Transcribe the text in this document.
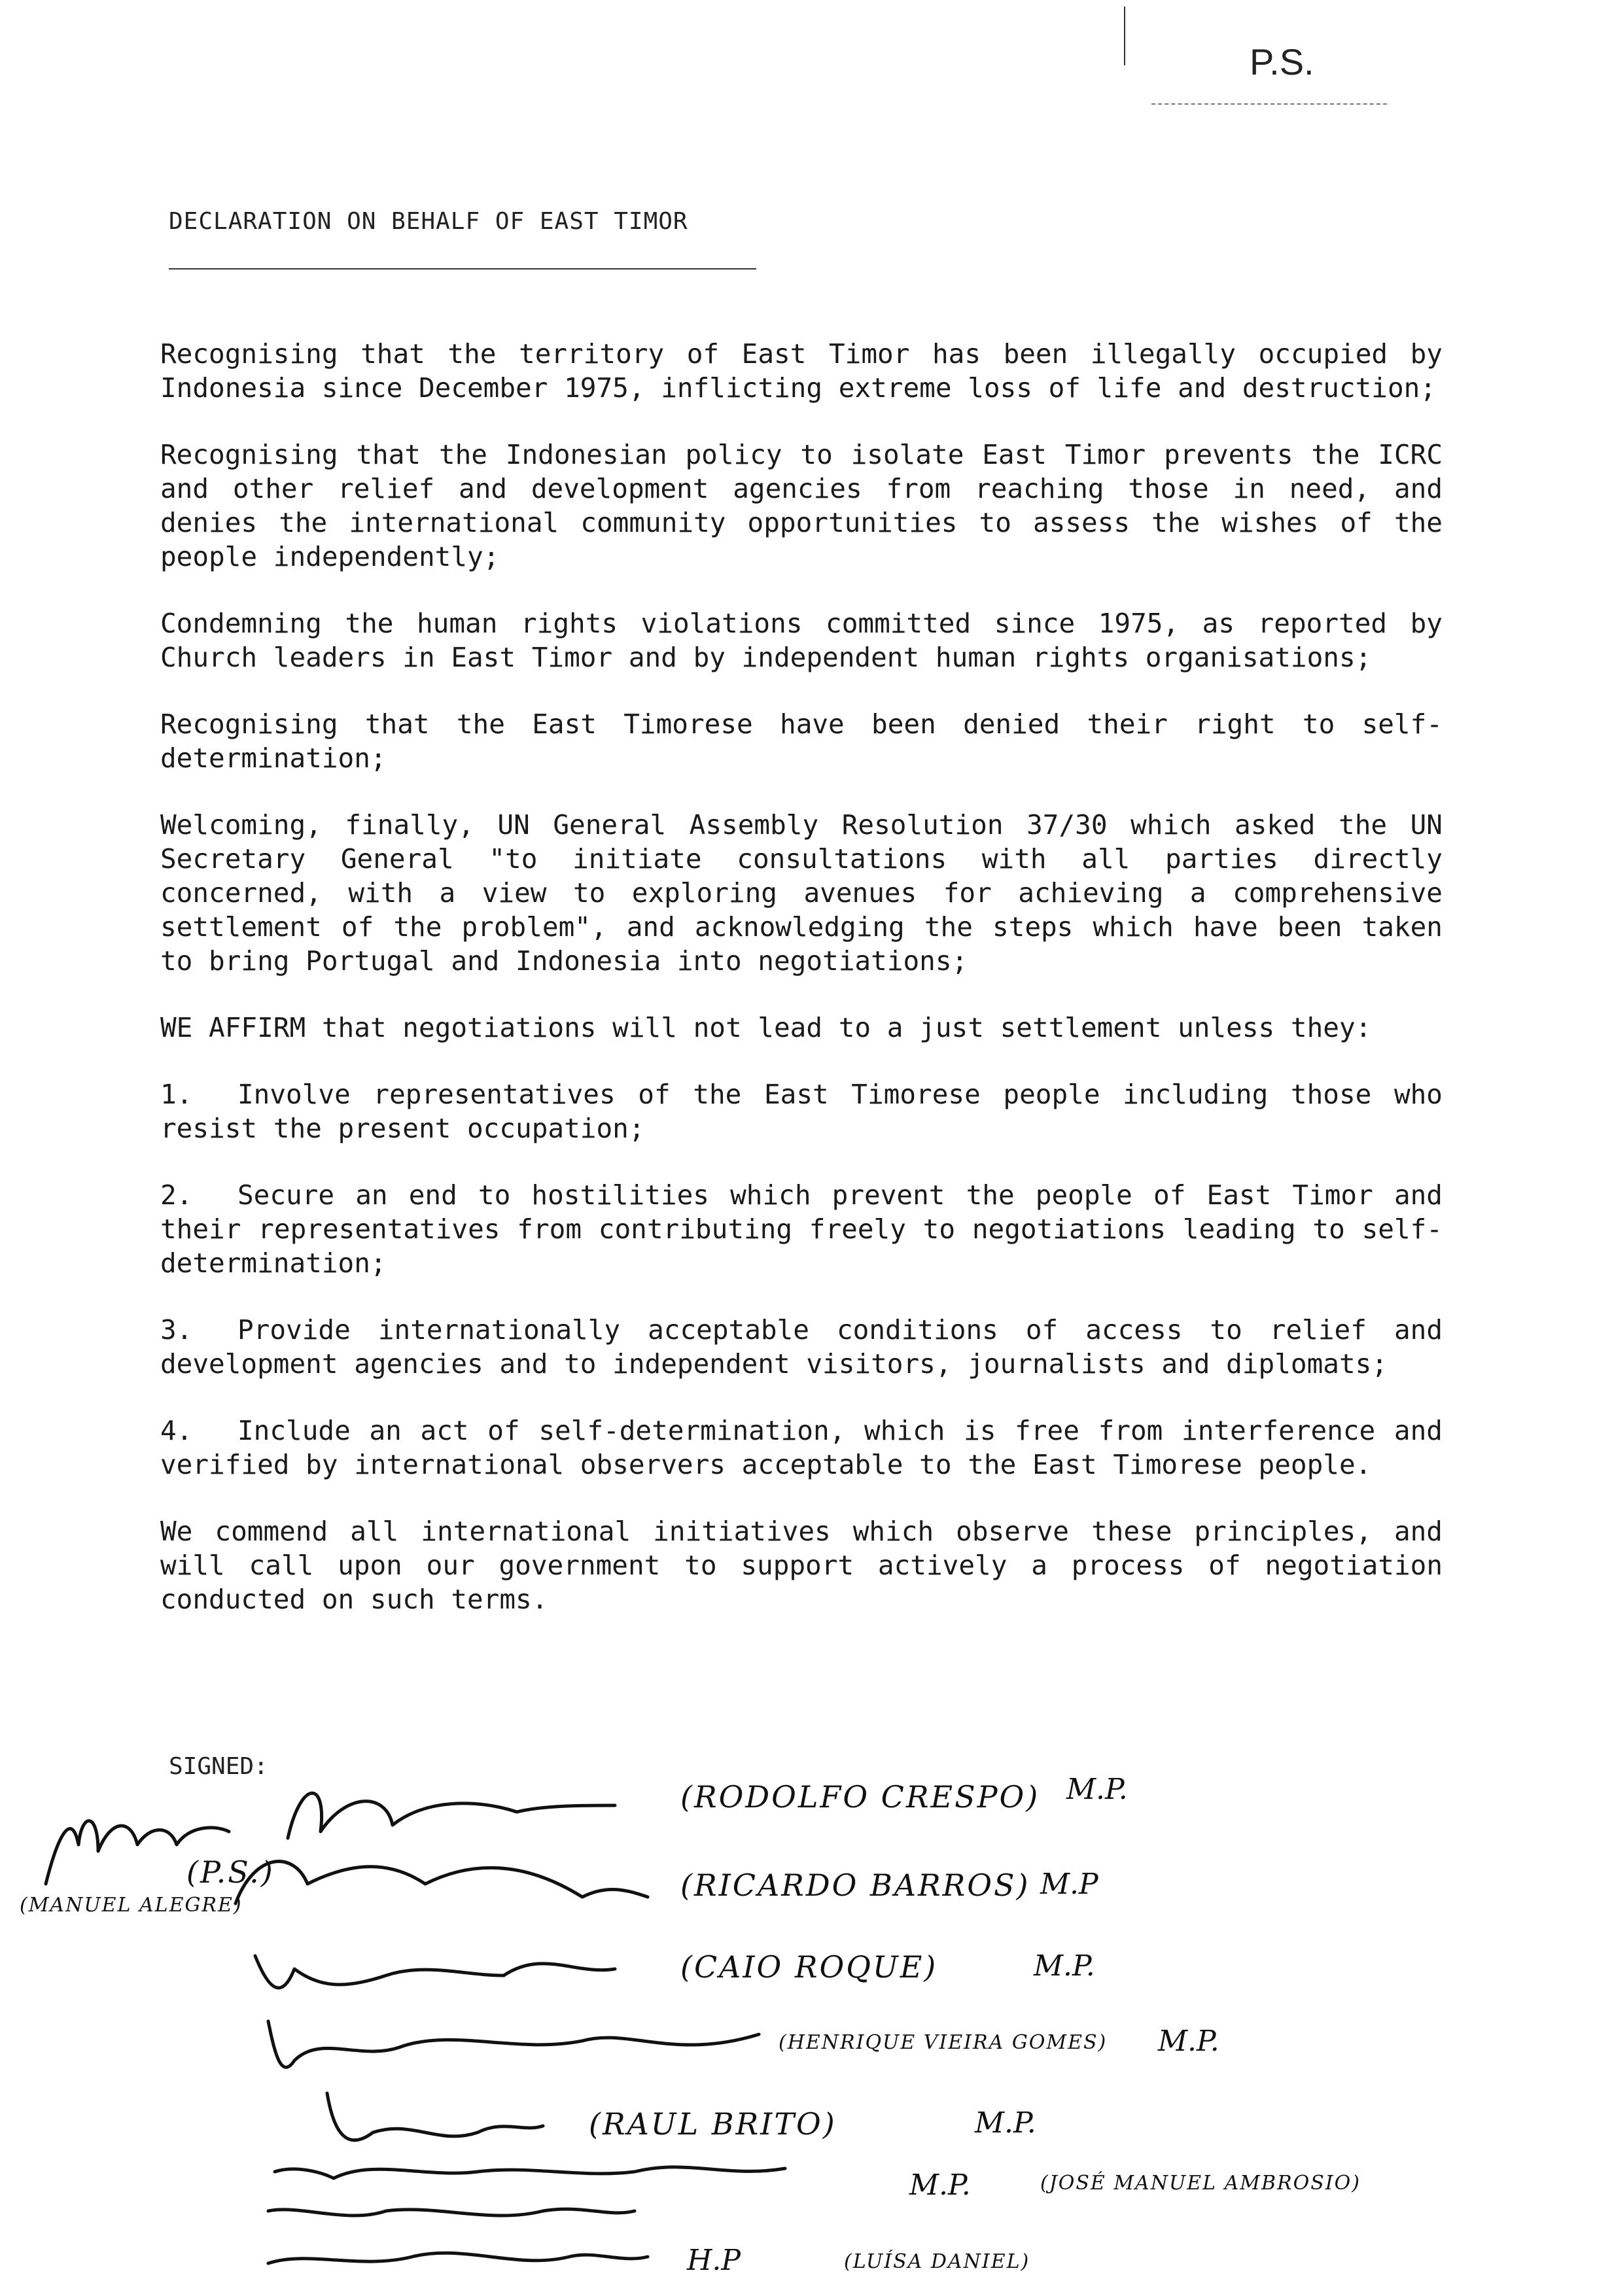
P.S.
DECLARATION ON BEHALF OF EAST TIMOR

Recognising that the territory of East Timor has been illegally occupied by Indonesia since December 1975, inflicting extreme loss of life and destruction;

Recognising that the Indonesian policy to isolate East Timor prevents the ICRC and other relief and development agencies from reaching those in need, and denies the international community opportunities to assess the wishes of the people independently;

Condemning the human rights violations committed since 1975, as reported by Church leaders in East Timor and by independent human rights organisations;

Recognising that the East Timorese have been denied their right to self-determination;

Welcoming, finally, UN General Assembly Resolution 37/30 which asked the UN Secretary General "to initiate consultations with all parties directly concerned, with a view to exploring avenues for achieving a comprehensive settlement of the problem", and acknowledging the steps which have been taken to bring Portugal and Indonesia into negotiations;

WE AFFIRM that negotiations will not lead to a just settlement unless they:

1. Involve representatives of the East Timorese people including those who resist the present occupation;

2. Secure an end to hostilities which prevent the people of East Timor and their representatives from contributing freely to negotiations leading to self-determination;

3. Provide internationally acceptable conditions of access to relief and development agencies and to independent visitors, journalists and diplomats;

4. Include an act of self-determination, which is free from interference and verified by international observers acceptable to the East Timorese people.

We commend all international initiatives which observe these principles, and will call upon our government to support actively a process of negotiation conducted on such terms.

SIGNED:
(MANUEL ALEGRE)
(P.S.)
(RODOLFO CRESPO) M.P.
(RICARDO BARROS) M.P
(CAIO ROQUE)	M.P.
(HENRIQUE VIEIRA GOMES) M.P.
(RAUL BRITO)	M.P.
(JOSÉ MANUEL AMBROSIO)
M.P.
(LUÍSA DANIEL)
H.P
